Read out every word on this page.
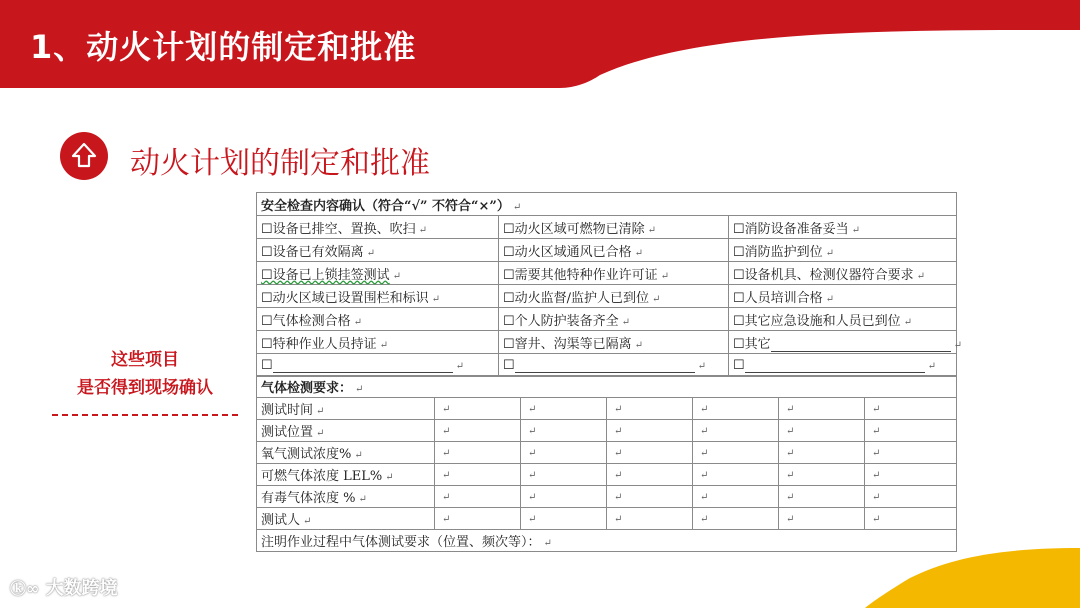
1、动火计划的制定和批准
动火计划的制定和批准
这些项目
是否得到现场确认
安全检查内容确认（符合“√” 不符合“×”） ↵		
☐设备已排空、置换、吹扫 ↵	☐动火区域可燃物已清除 ↵	☐消防设备准备妥当 ↵
☐设备已有效隔离 ↵	☐动火区域通风已合格 ↵	☐消防监护到位 ↵
☐设备已上锁挂签测试 ↵	☐需要其他特种作业许可证 ↵	☐设备机具、检测仪器符合要求 ↵
☐动火区域已设置围栏和标识 ↵	☐动火监督/监护人已到位 ↵	☐人员培训合格 ↵
☐气体检测合格 ↵	☐个人防护装备齐全 ↵	☐其它应急设施和人员已到位 ↵
☐特种作业人员持证 ↵	☐窨井、沟渠等已隔离 ↵	☐其它 ↵
☐ ↵	☐ ↵	☐ ↵
气体检测要求： ↵						
测试时间 ↵	↵	↵	↵	↵	↵	↵
测试位置 ↵	↵	↵	↵	↵	↵	↵
氧气测试浓度% ↵	↵	↵	↵	↵	↵	↵
可燃气体浓度 LEL% ↵	↵	↵	↵	↵	↵	↵
有毒气体浓度 % ↵	↵	↵	↵	↵	↵	↵
测试人 ↵	↵	↵	↵	↵	↵	↵
注明作业过程中气体测试要求（位置、频次等）： ↵						
ⓚ∞ 大数跨境
